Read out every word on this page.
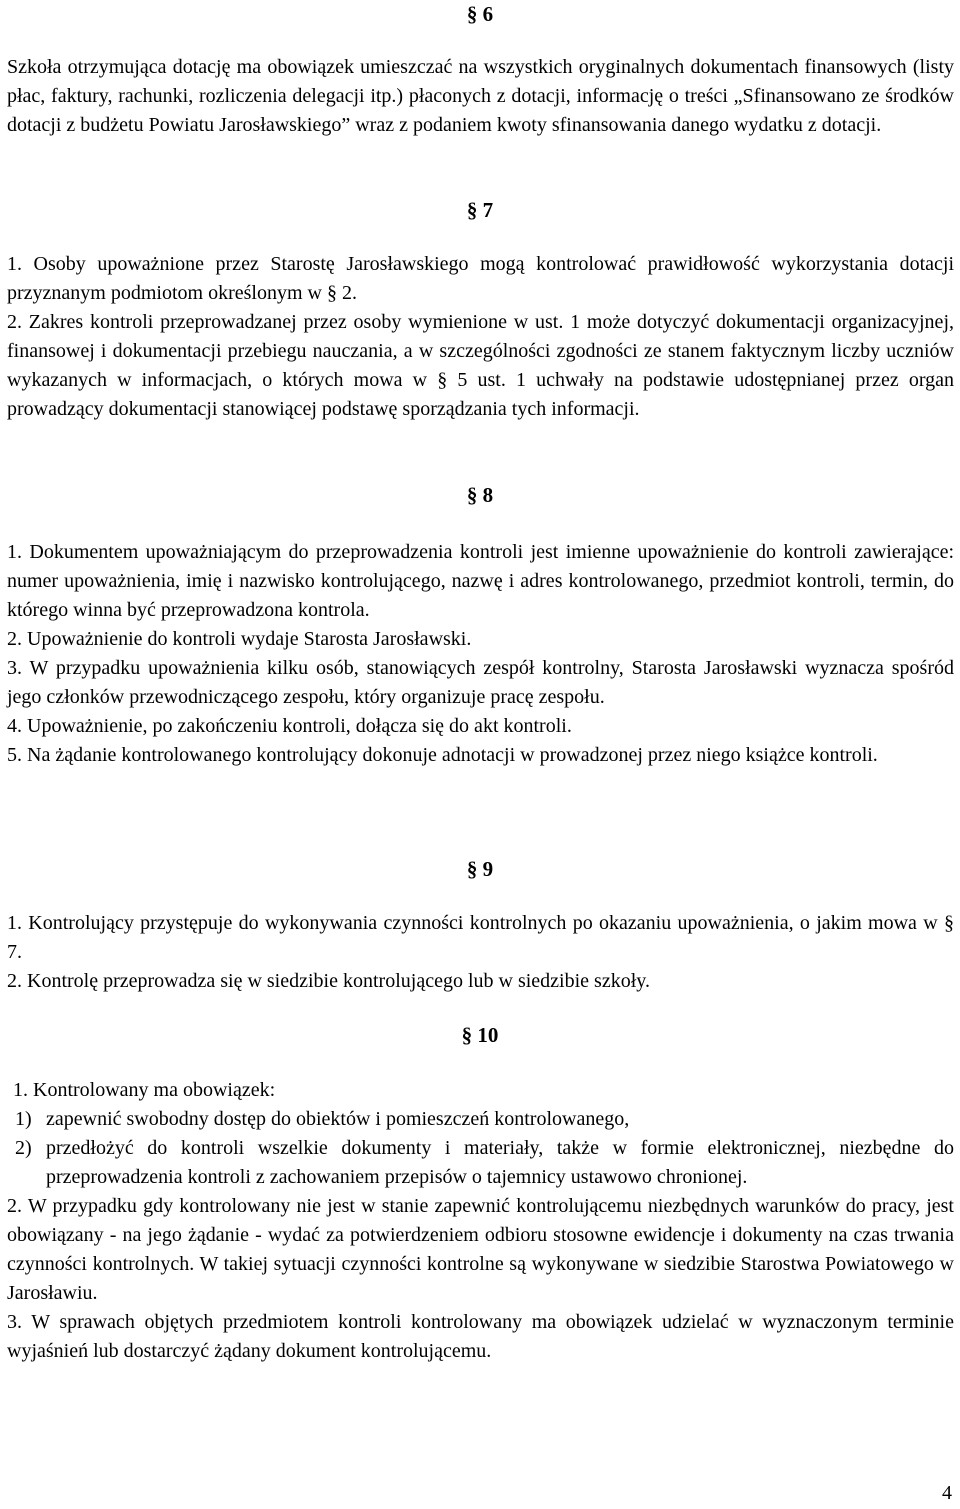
§ 6

Szkoła otrzymująca dotację ma obowiązek umieszczać na wszystkich oryginalnych dokumentach finansowych (listy płac, faktury, rachunki, rozliczenia delegacji itp.) płaconych z dotacji, informację o treści „Sfinansowano ze środków dotacji z budżetu Powiatu Jarosławskiego” wraz z podaniem kwoty sfinansowania danego wydatku z dotacji.

§ 7

1. Osoby upoważnione przez Starostę Jarosławskiego mogą kontrolować prawidłowość wykorzystania dotacji przyznanym podmiotom określonym w § 2.

2. Zakres kontroli przeprowadzanej przez osoby wymienione w ust. 1 może dotyczyć dokumentacji organizacyjnej, finansowej i dokumentacji przebiegu nauczania, a w szczególności zgodności ze stanem faktycznym liczby uczniów wykazanych w informacjach, o których mowa w § 5 ust. 1 uchwały na podstawie udostępnianej przez organ prowadzący dokumentacji stanowiącej podstawę sporządzania tych informacji.

§ 8

1. Dokumentem upoważniającym do przeprowadzenia kontroli jest imienne upoważnienie do kontroli zawierające: numer upoważnienia, imię i nazwisko kontrolującego, nazwę i adres kontrolowanego, przedmiot kontroli, termin, do którego winna być przeprowadzona kontrola.

2. Upoważnienie do kontroli wydaje Starosta Jarosławski.

3. W przypadku upoważnienia kilku osób, stanowiących zespół kontrolny, Starosta Jarosławski wyznacza spośród jego członków przewodniczącego zespołu, który organizuje pracę zespołu.

4. Upoważnienie, po zakończeniu kontroli, dołącza się do akt kontroli.

5. Na żądanie kontrolowanego kontrolujący dokonuje adnotacji w prowadzonej przez niego książce kontroli.

§ 9

1. Kontrolujący przystępuje do wykonywania czynności kontrolnych po okazaniu upoważnienia, o jakim mowa w § 7.

2. Kontrolę przeprowadza się w siedzibie kontrolującego lub w siedzibie szkoły.

§ 10

1. Kontrolowany ma obowiązek:

1) zapewnić swobodny dostęp do obiektów i pomieszczeń kontrolowanego,
2) przedłożyć do kontroli wszelkie dokumenty i materiały, także w formie elektronicznej, niezbędne do przeprowadzenia kontroli z zachowaniem przepisów o tajemnicy ustawowo chronionej.

2. W przypadku gdy kontrolowany nie jest w stanie zapewnić kontrolującemu niezbędnych warunków do pracy, jest obowiązany - na jego żądanie - wydać za potwierdzeniem odbioru stosowne ewidencje i dokumenty na czas trwania czynności kontrolnych. W takiej sytuacji czynności kontrolne są wykonywane w siedzibie Starostwa Powiatowego w Jarosławiu.

3. W sprawach objętych przedmiotem kontroli kontrolowany ma obowiązek udzielać w wyznaczonym terminie wyjaśnień lub dostarczyć żądany dokument kontrolującemu.

4
